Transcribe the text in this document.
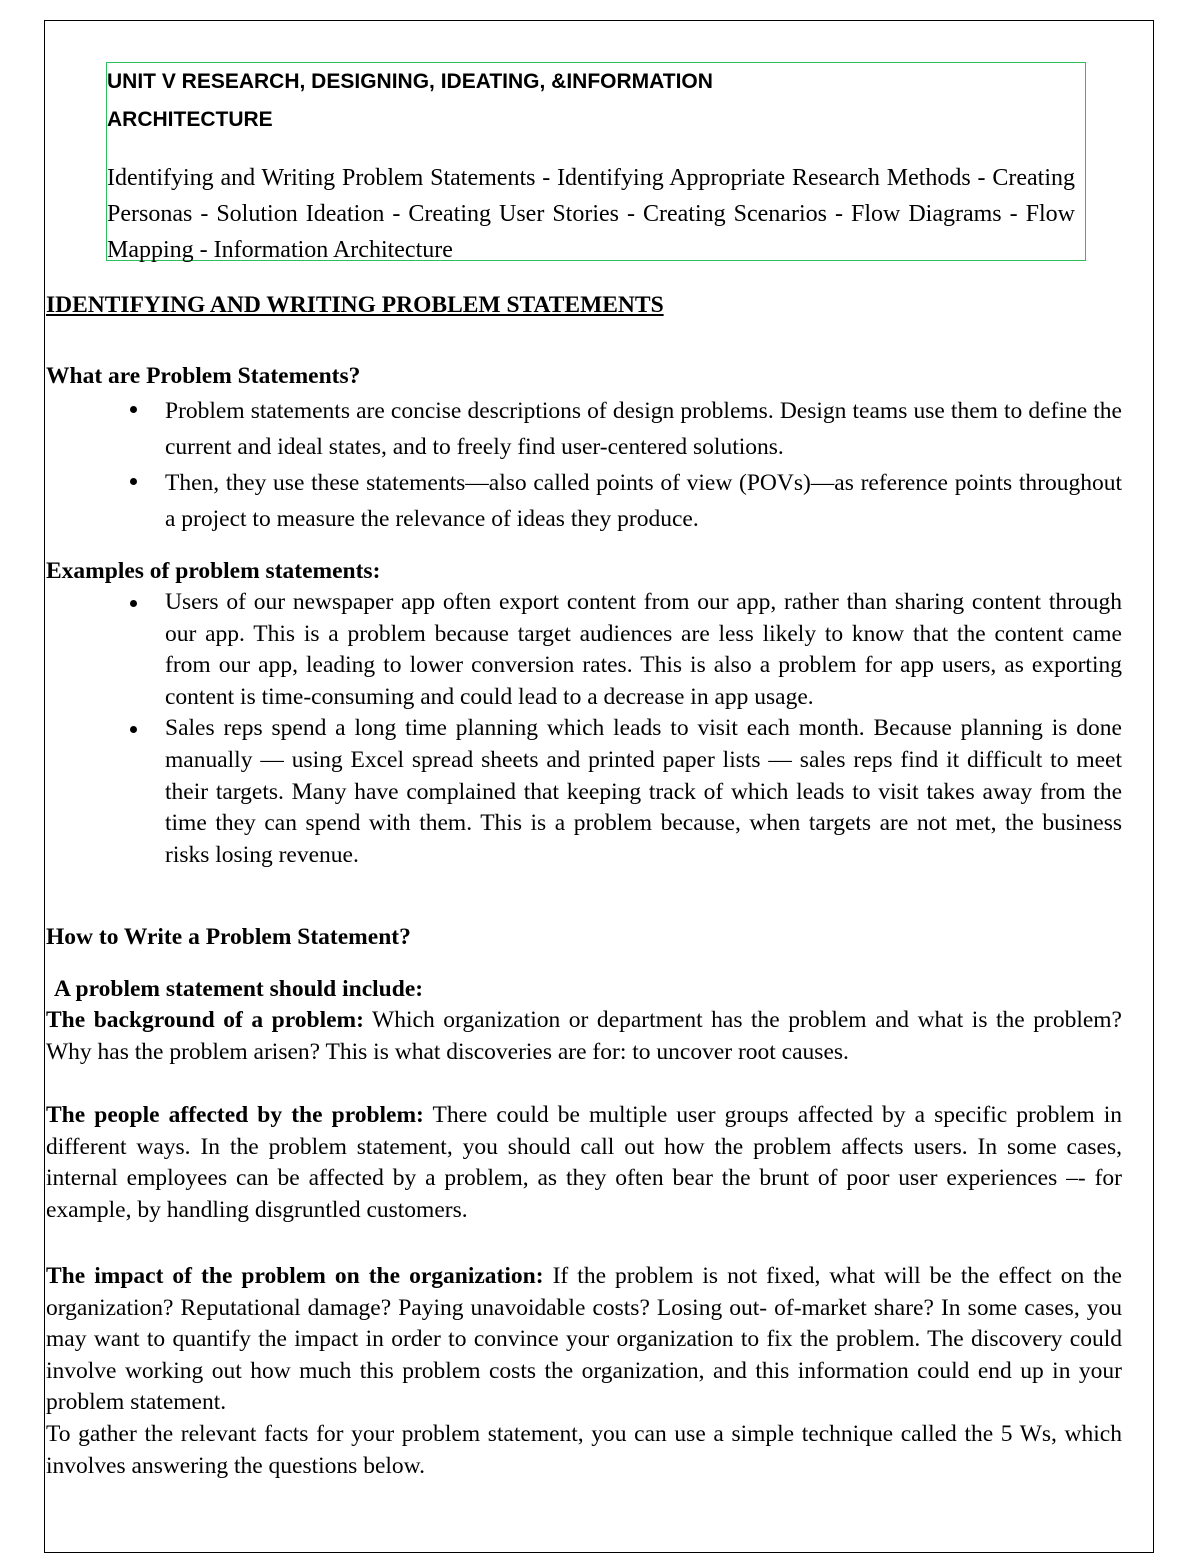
UNIT V RESEARCH, DESIGNING, IDEATING, &INFORMATION
ARCHITECTURE
Identifying and Writing Problem Statements - Identifying Appropriate Research Methods - Creating Personas - Solution Ideation - Creating User Stories - Creating Scenarios - Flow Diagrams - Flow Mapping - Information Architecture
IDENTIFYING AND WRITING PROBLEM STATEMENTS
What are Problem Statements?
Problem statements are concise descriptions of design problems. Design teams use them to define the current and ideal states, and to freely find user-centered solutions.
Then, they use these statements—also called points of view (POVs)—as reference points throughout a project to measure the relevance of ideas they produce.
Examples of problem statements:
Users of our newspaper app often export content from our app, rather than sharing content through our app. This is a problem because target audiences are less likely to know that the content came from our app, leading to lower conversion rates. This is also a problem for app users, as exporting content is time-consuming and could lead to a decrease in app usage.
Sales reps spend a long time planning which leads to visit each month. Because planning is done manually — using Excel spread sheets and printed paper lists — sales reps find it difficult to meet their targets. Many have complained that keeping track of which leads to visit takes away from the time they can spend with them. This is a problem because, when targets are not met, the business risks losing revenue.
How to Write a Problem Statement?
A problem statement should include:
The background of a problem: Which organization or department has the problem and what is the problem? Why has the problem arisen? This is what discoveries are for: to uncover root causes.
The people affected by the problem: There could be multiple user groups affected by a specific problem in different ways. In the problem statement, you should call out how the problem affects users. In some cases, internal employees can be affected by a problem, as they often bear the brunt of poor user experiences –- for example, by handling disgruntled customers.
The impact of the problem on the organization: If the problem is not fixed, what will be the effect on the organization? Reputational damage? Paying unavoidable costs? Losing out- of-market share? In some cases, you may want to quantify the impact in order to convince your organization to fix the problem. The discovery could involve working out how much this problem costs the organization, and this information could end up in your problem statement.
To gather the relevant facts for your problem statement, you can use a simple technique called the 5 Ws, which involves answering the questions below.
